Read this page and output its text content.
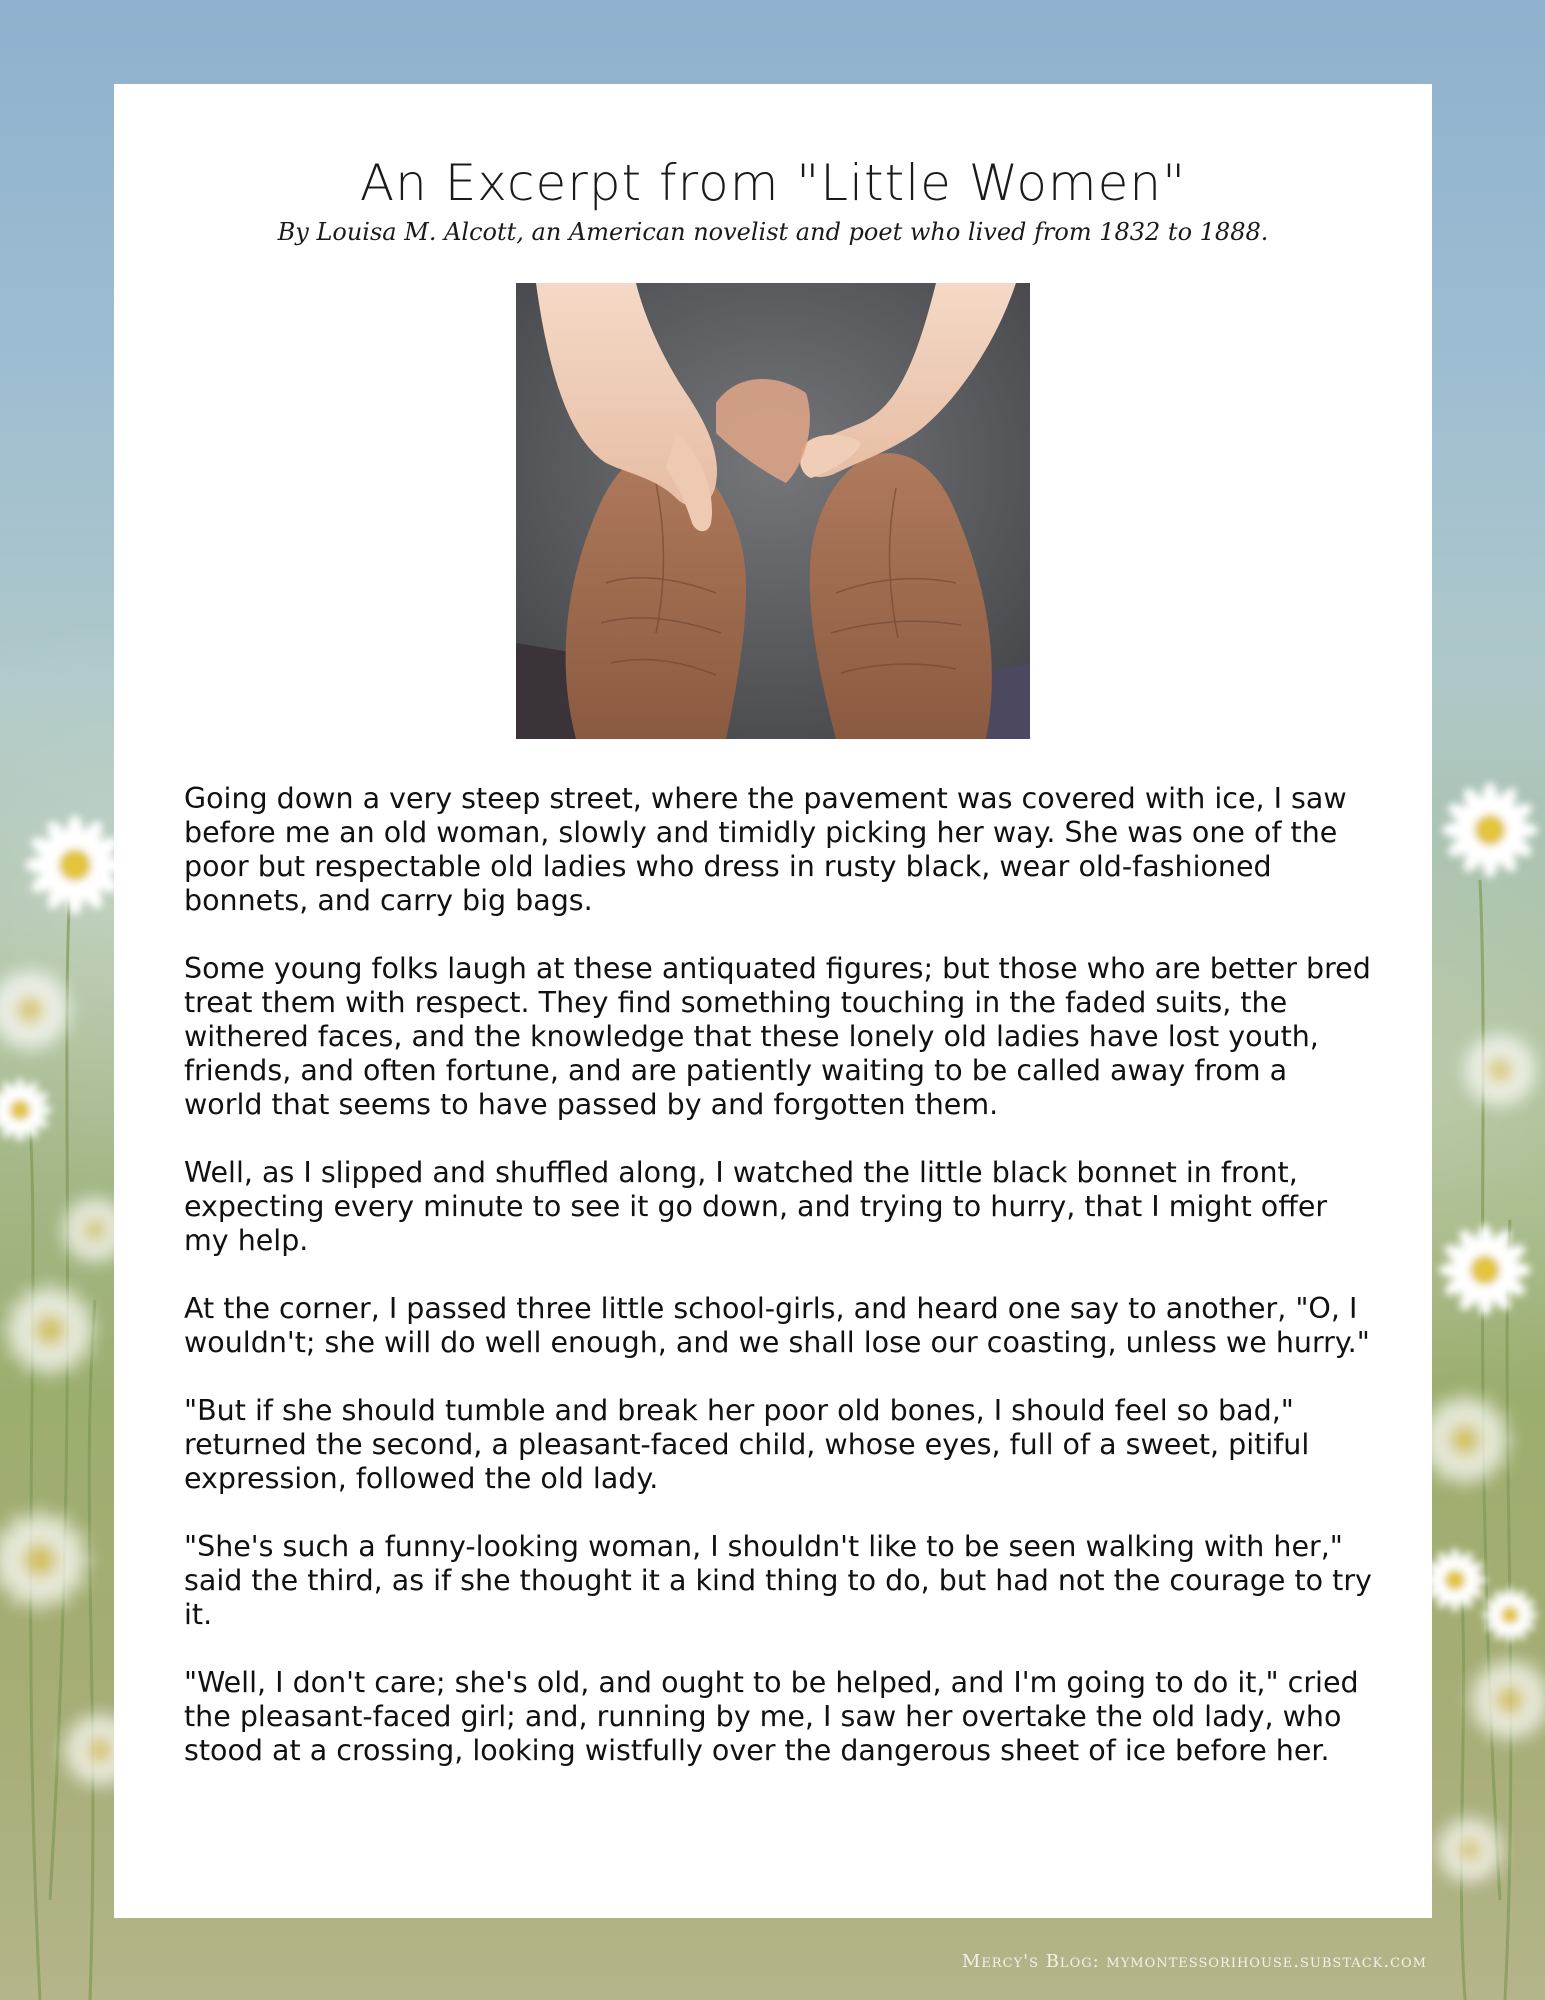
An Excerpt from "Little Women"
By Louisa M. Alcott, an American novelist and poet who lived from 1832 to 1888.

Going down a very steep street, where the pavement was covered with ice, I saw before me an old woman, slowly and timidly picking her way. She was one of the poor but respectable old ladies who dress in rusty black, wear old-fashioned bonnets, and carry big bags.

Some young folks laugh at these antiquated figures; but those who are better bred treat them with respect. They find something touching in the faded suits, the withered faces, and the knowledge that these lonely old ladies have lost youth, friends, and often fortune, and are patiently waiting to be called away from a world that seems to have passed by and forgotten them.

Well, as I slipped and shuffled along, I watched the little black bonnet in front, expecting every minute to see it go down, and trying to hurry, that I might offer my help.

At the corner, I passed three little school-girls, and heard one say to another, "O, I wouldn't; she will do well enough, and we shall lose our coasting, unless we hurry."

"But if she should tumble and break her poor old bones, I should feel so bad," returned the second, a pleasant-faced child, whose eyes, full of a sweet, pitiful expression, followed the old lady.

"She's such a funny-looking woman, I shouldn't like to be seen walking with her," said the third, as if she thought it a kind thing to do, but had not the courage to try it.

"Well, I don't care; she's old, and ought to be helped, and I'm going to do it," cried the pleasant-faced girl; and, running by me, I saw her overtake the old lady, who stood at a crossing, looking wistfully over the dangerous sheet of ice before her.

Mercy's Blog: mymontessorihouse.substack.com
